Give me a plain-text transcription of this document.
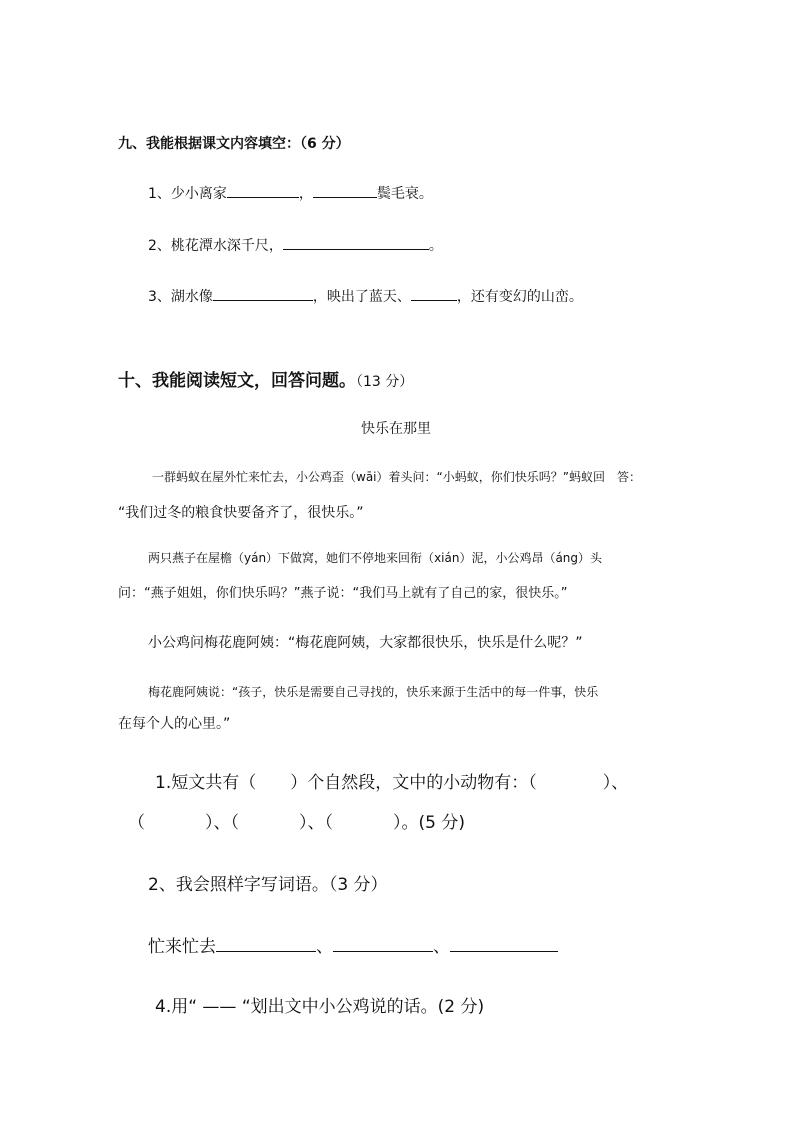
九、我能根据课文内容填空：（6 分）
1、少小离家	，	鬓毛衰。
2、桃花潭水深千尺，	。
3、湖水像	，映出了蓝天、	，还有变幻的山峦。
十、我能阅读短文，回答问题。（13 分）
快乐在那里
一群蚂蚁在屋外忙来忙去，小公鸡歪（wāi）着头问：“小蚂蚁，你们快乐吗？”蚂蚁回　答：
“我们过冬的粮食快要备齐了，很快乐。”
两只燕子在屋檐（yán）下做窝，她们不停地来回衔（xián）泥，小公鸡昂（áng）头
问：“燕子姐姐，你们快乐吗？”燕子说：“我们马上就有了自己的家，很快乐。”
小公鸡问梅花鹿阿姨：“梅花鹿阿姨，大家都很快乐，快乐是什么呢？”
梅花鹿阿姨说：“孩子，快乐是需要自己寻找的，快乐来源于生活中的每一件事，快乐
在每个人的心里。”
1.短文共有（ ）个自然段，文中的小动物有：（	）、
（	）、（	）、（	）。(5 分)
2、我会照样字写词语。（3 分）
忙来忙去	、	、
4.用“ —— “划出文中小公鸡说的话。(2 分)
